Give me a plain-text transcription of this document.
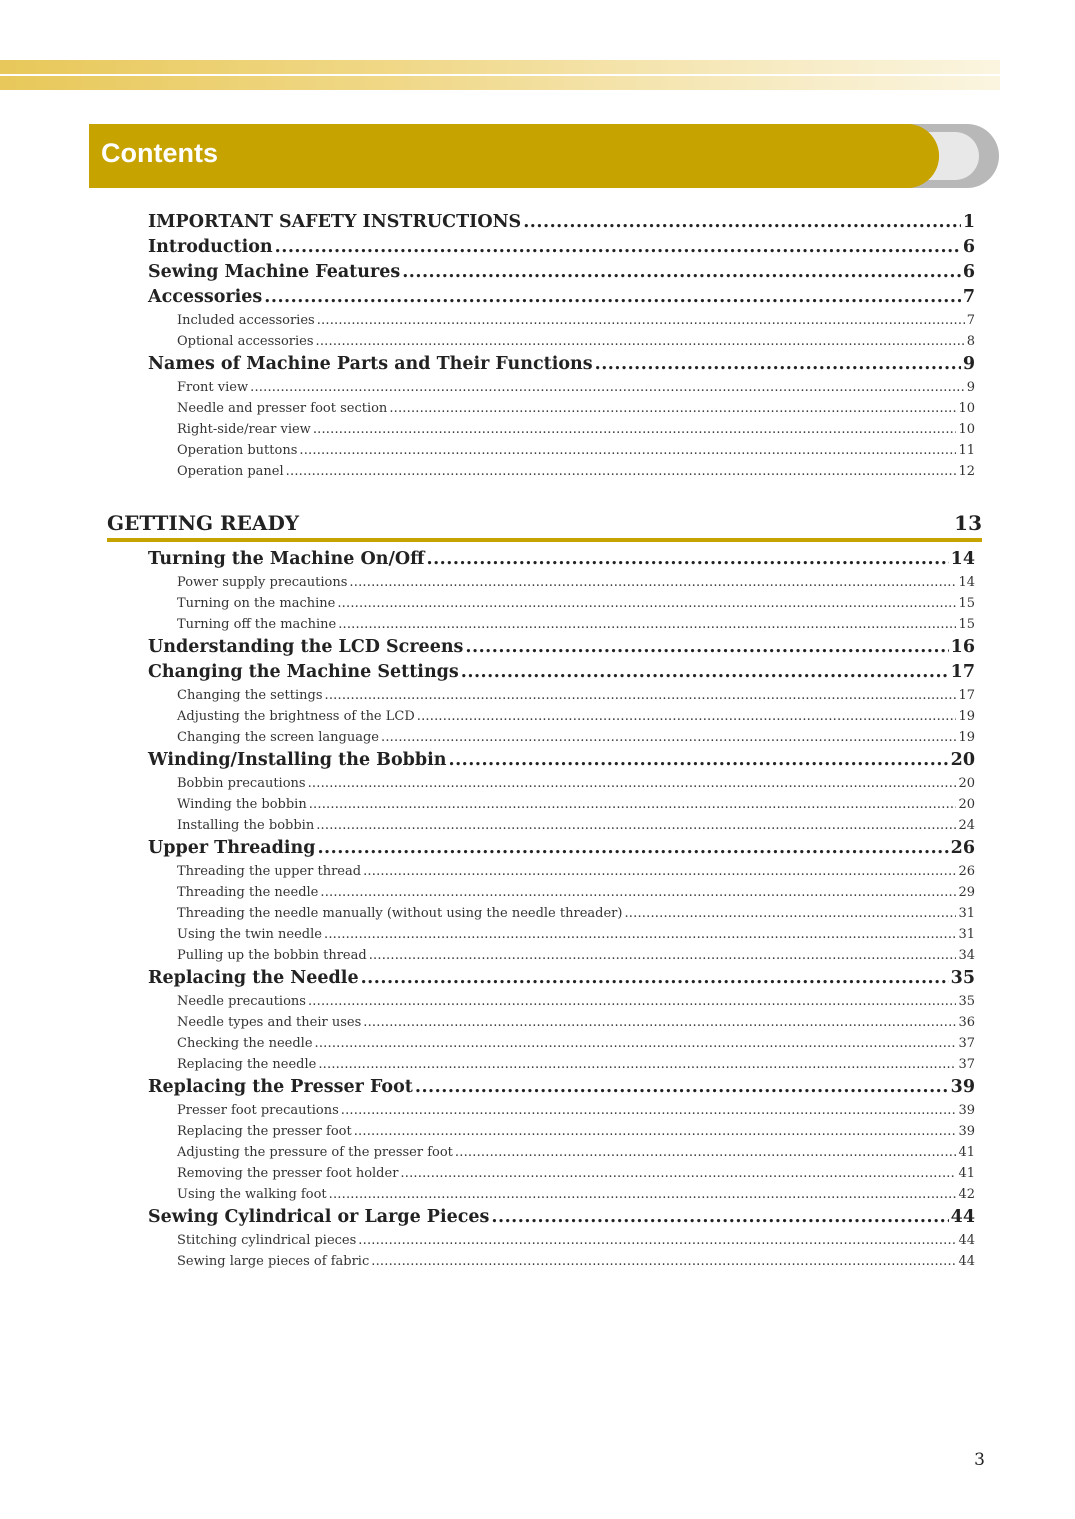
Contents
IMPORTANT SAFETY INSTRUCTIONS .....	1
Introduction .....	6
Sewing Machine Features .....	6
Accessories .....	7
Included accessories .....	7
Optional accessories .....	8
Names of Machine Parts and Their Functions .....	9
Front view .....	9
Needle and presser foot section .....	10
Right-side/rear view .....	10
Operation buttons .....	11
Operation panel .....	12
GETTING READY	13
Turning the Machine On/Off .....	14
Power supply precautions .....	14
Turning on the machine .....	15
Turning off the machine .....	15
Understanding the LCD Screens .....	16
Changing the Machine Settings .....	17
Changing the settings .....	17
Adjusting the brightness of the LCD .....	19
Changing the screen language .....	19
Winding/Installing the Bobbin .....	20
Bobbin precautions .....	20
Winding the bobbin .....	20
Installing the bobbin .....	24
Upper Threading .....	26
Threading the upper thread .....	26
Threading the needle .....	29
Threading the needle manually (without using the needle threader) .....	31
Using the twin needle .....	31
Pulling up the bobbin thread .....	34
Replacing the Needle .....	35
Needle precautions .....	35
Needle types and their uses .....	36
Checking the needle .....	37
Replacing the needle .....	37
Replacing the Presser Foot .....	39
Presser foot precautions .....	39
Replacing the presser foot .....	39
Adjusting the pressure of the presser foot .....	41
Removing the presser foot holder .....	41
Using the walking foot .....	42
Sewing Cylindrical or Large Pieces .....	44
Stitching cylindrical pieces .....	44
Sewing large pieces of fabric .....	44
3
